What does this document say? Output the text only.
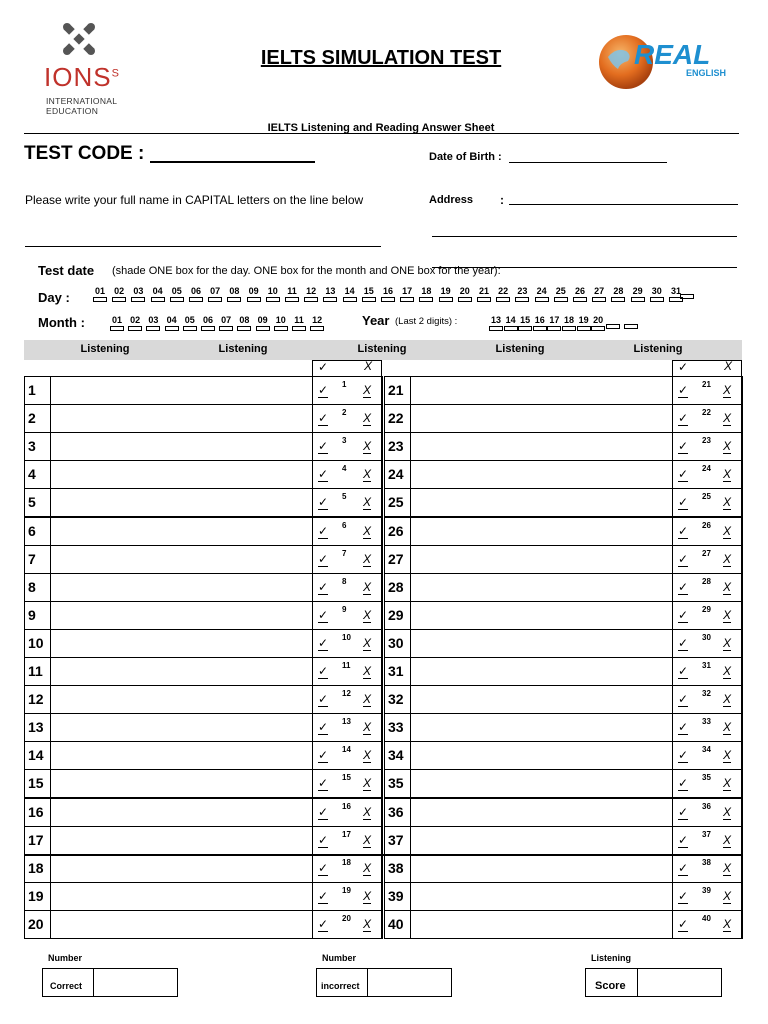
$IONS^S$
INTERNATIONAL
EDUCATION
IELTS SIMULATION TEST	REAL
ENGLISH
IELTS Listening and Reading Answer Sheet
TEST CODE :	Date of Birth :
Please write your full name in CAPITAL letters on the line below	Address :
Test date (shade ONE box for the day. ONE box for the month and ONE box for the year):
Day :	01 02 03 04 05 06 07 08 09 10 11 12 13 14 15 16 17 18 19 20 21 22 23 24 25 26 27 28 29 30 31
Month :	01 02 03 04 05 06 07 08 09 10 11 12	Year (Last 2 digits) :	13 14 15 16 17 18 19 20
Listening	Listening	Listening	Listening	Listening
✓	X
1	✓ 1 X
2	✓ 2 X
3	✓ 3 X
4	✓ 4 X
5	✓ 5 X
6	✓ 6 X
7	✓ 7 X
8	✓ 8 X
9	✓ 9 X
10	✓ 10 X
11	✓ 11 X
12	✓ 12 X
13	✓ 13 X
14	✓ 14 X
15	✓ 15 X
16	✓ 16 X
17	✓ 17 X
18	✓ 18 X
19	✓ 19 X
20	✓ 20 X
✓	X
21	✓ 21 X
22	✓ 22 X
23	✓ 23 X
24	✓ 24 X
25	✓ 25 X
26	✓ 26 X
27	✓ 27 X
28	✓ 28 X
29	✓ 29 X
30	✓ 30 X
31	✓ 31 X
32	✓ 32 X
33	✓ 33 X
34	✓ 34 X
35	✓ 35 X
36	✓ 36 X
37	✓ 37 X
38	✓ 38 X
39	✓ 39 X
40	✓ 40 X
Number
Correct
Number
incorrect
Listening
Score
